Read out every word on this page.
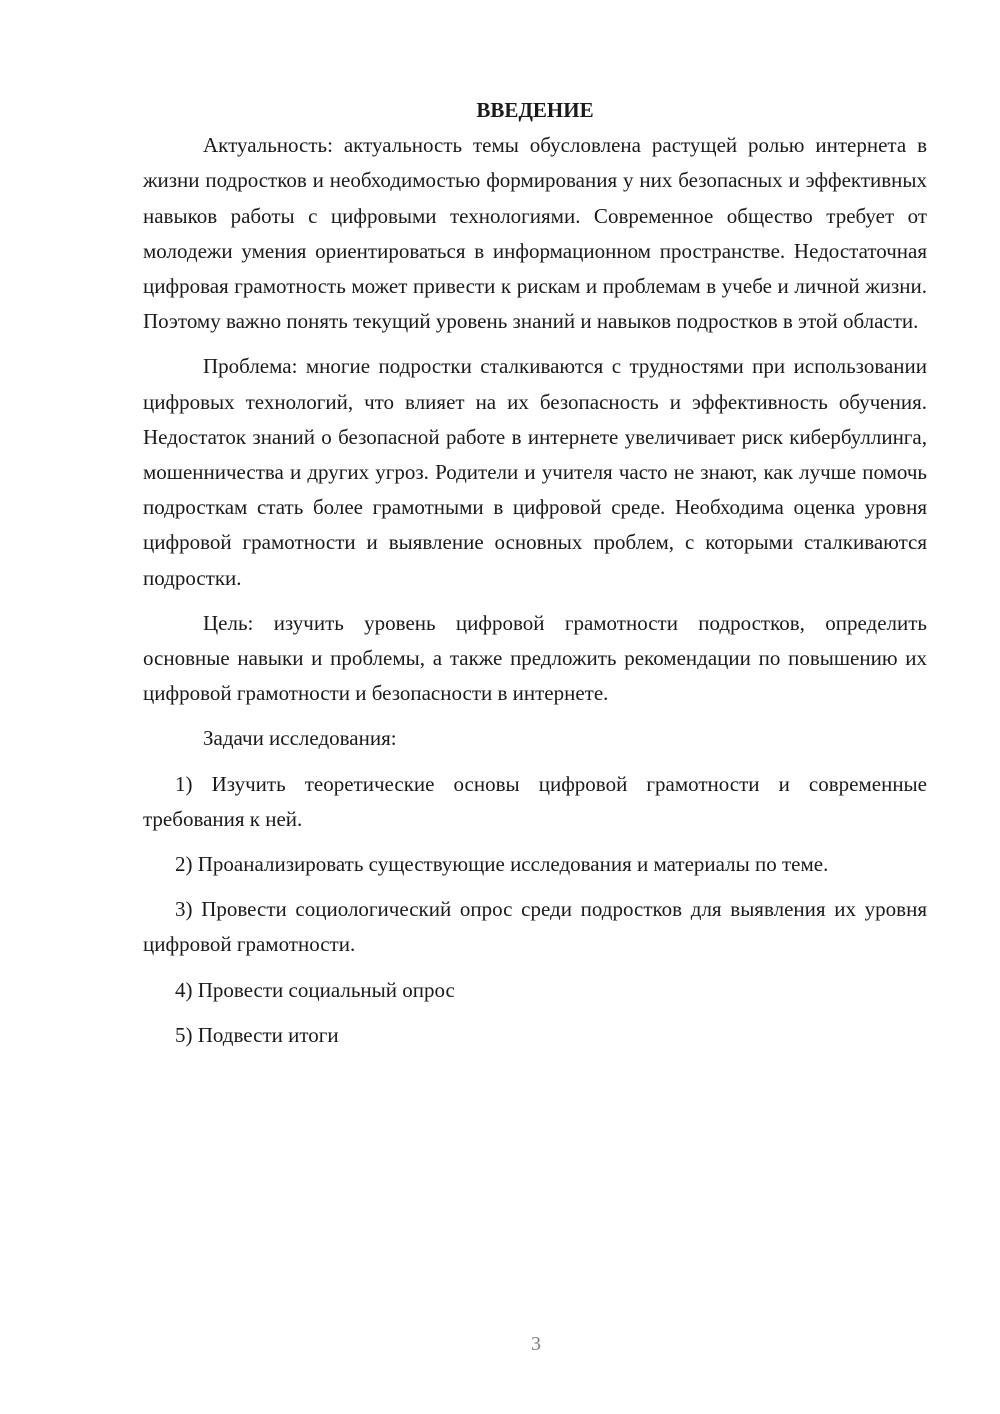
ВВЕДЕНИЕ

Актуальность: актуальность темы обусловлена растущей ролью интернета в жизни подростков и необходимостью формирования у них безопасных и эффективных навыков работы с цифровыми технологиями. Современное общество требует от молодежи умения ориентироваться в информационном пространстве. Недостаточная цифровая грамотность может привести к рискам и проблемам в учебе и личной жизни. Поэтому важно понять текущий уровень знаний и навыков подростков в этой области.

Проблема: многие подростки сталкиваются с трудностями при использовании цифровых технологий, что влияет на их безопасность и эффективность обучения. Недостаток знаний о безопасной работе в интернете увеличивает риск кибербуллинга, мошенничества и других угроз. Родители и учителя часто не знают, как лучше помочь подросткам стать более грамотными в цифровой среде. Необходима оценка уровня цифровой грамотности и выявление основных проблем, с которыми сталкиваются подростки.

Цель: изучить уровень цифровой грамотности подростков, определить основные навыки и проблемы, а также предложить рекомендации по повышению их цифровой грамотности и безопасности в интернете.

Задачи исследования:

1) Изучить теоретические основы цифровой грамотности и современные требования к ней.

2) Проанализировать существующие исследования и материалы по теме.

3) Провести социологический опрос среди подростков для выявления их уровня цифровой грамотности.

4) Провести социальный опрос

5) Подвести итоги

3
